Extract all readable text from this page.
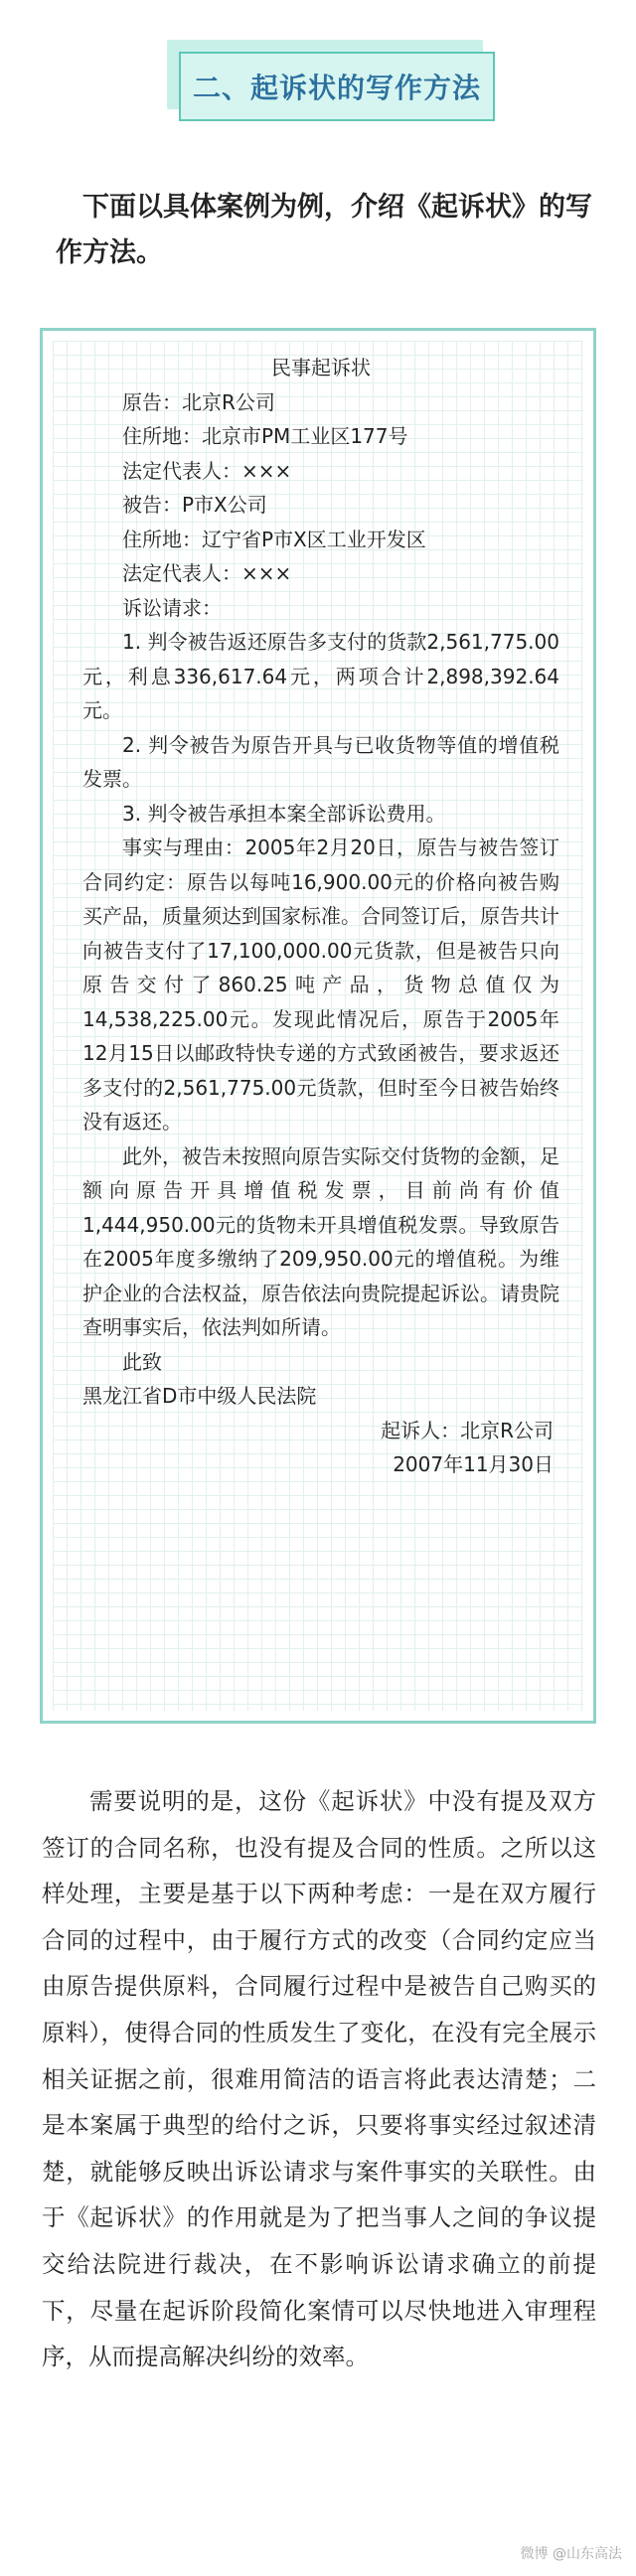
二、起诉状的写作方法

下面以具体案例为例，介绍《起诉状》的写作方法。

民事起诉状

原告：北京R公司

住所地：北京市PM工业区177号

法定代表人：×××

被告：P市X公司

住所地：辽宁省P市X区工业开发区

法定代表人：×××

诉讼请求：

1. 判令被告返还原告多支付的货款2,561,775.00元，利息336,617.64元，两项合计2,898,392.64元。

2. 判令被告为原告开具与已收货物等值的增值税发票。

3. 判令被告承担本案全部诉讼费用。

事实与理由：2005年2月20日，原告与被告签订合同约定：原告以每吨16,900.00元的价格向被告购买产品，质量须达到国家标准。合同签订后，原告共计向被告支付了17,100,000.00元货款，但是被告只向原告交付了860.25吨产品，货物总值仅为14,538,225.00元。发现此情况后，原告于2005年12月15日以邮政特快专递的方式致函被告，要求返还多支付的2,561,775.00元货款，但时至今日被告始终没有返还。

此外，被告未按照向原告实际交付货物的金额，足额向原告开具增值税发票，目前尚有价值1,444,950.00元的货物未开具增值税发票。导致原告在2005年度多缴纳了209,950.00元的增值税。为维护企业的合法权益，原告依法向贵院提起诉讼。请贵院查明事实后，依法判如所请。

此致

黑龙江省D市中级人民法院

起诉人：北京R公司

2007年11月30日

需要说明的是，这份《起诉状》中没有提及双方签订的合同名称，也没有提及合同的性质。之所以这样处理，主要是基于以下两种考虑：一是在双方履行合同的过程中，由于履行方式的改变（合同约定应当由原告提供原料，合同履行过程中是被告自己购买的原料），使得合同的性质发生了变化，在没有完全展示相关证据之前，很难用简洁的语言将此表达清楚；二是本案属于典型的给付之诉，只要将事实经过叙述清楚，就能够反映出诉讼请求与案件事实的关联性。由于《起诉状》的作用就是为了把当事人之间的争议提交给法院进行裁决，在不影响诉讼请求确立的前提下，尽量在起诉阶段简化案情可以尽快地进入审理程序，从而提高解决纠纷的效率。

微博 @山东高法
